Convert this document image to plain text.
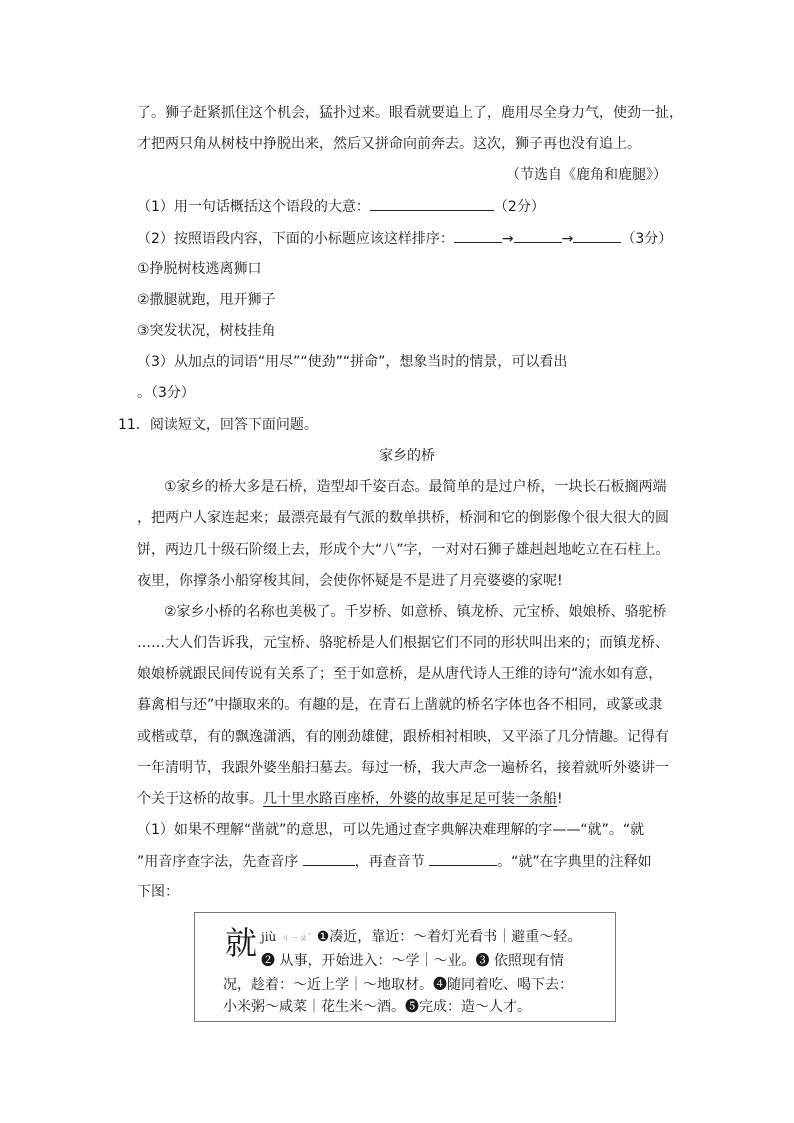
了。狮子赶紧抓住这个机会，猛扑过来。眼看就要追上了，鹿用尽全身力气，使劲一扯，
才把两只角从树枝中挣脱出来，然后又拼命向前奔去。这次，狮子再也没有追上。
（节选自《鹿角和鹿腿》）
（1）用一句话概括这个语段的大意：	（2分）
（2）按照语段内容，下面的小标题应该这样排序：	→	→	（3分）
①挣脱树枝逃离狮口
②撒腿就跑，甩开狮子
③突发状况，树枝挂角
（3）从加点的词语“用尽”“使劲”“拼命”，想象当时的情景，可以看出
。（3分）
11．阅读短文，回答下面问题。
家乡的桥
①家乡的桥大多是石桥，造型却千姿百态。最简单的是过户桥，一块长石板搁两端
，把两户人家连起来；最漂亮最有气派的数单拱桥，桥洞和它的倒影像个很大很大的圆
饼，两边几十级石阶缀上去，形成个大“八”字，一对对石狮子雄赳赳地屹立在石柱上。
夜里，你撑条小船穿梭其间，会使你怀疑是不是进了月亮婆婆的家呢!
②家乡小桥的名称也美极了。千岁桥、如意桥、镇龙桥、元宝桥、娘娘桥、骆驼桥
……大人们告诉我，元宝桥、骆驼桥是人们根据它们不同的形状叫出来的；而镇龙桥、
娘娘桥就跟民间传说有关系了；至于如意桥，是从唐代诗人王维的诗句“流水如有意，
暮禽相与还”中撷取来的。有趣的是，在青石上凿就的桥名字体也各不相同，或篆或隶
或楷或草，有的飘逸潇洒，有的刚劲雄健，跟桥相衬相映，又平添了几分情趣。记得有
一年清明节，我跟外婆坐船扫墓去。每过一桥，我大声念一遍桥名，接着就听外婆讲一
个关于这桥的故事。几十里水路百座桥，外婆的故事足足可装一条船!
（1）如果不理解“凿就”的意思，可以先通过查字典解决难理解的字——“就”。“就
”用音序查字法，先查音序	，再查音节	。“就”在字典里的注释如
下图：
就 jiù ㄐㄧㄡˋ ❶凑近，靠近：～着灯光看书｜避重～轻。
❷ 从事，开始进入：～学｜～业。❸ 依照现有情
况，趁着：～近上学｜～地取材。❹随同着吃、喝下去：
小米粥～咸菜｜花生米～酒。❺完成：造～人才。
